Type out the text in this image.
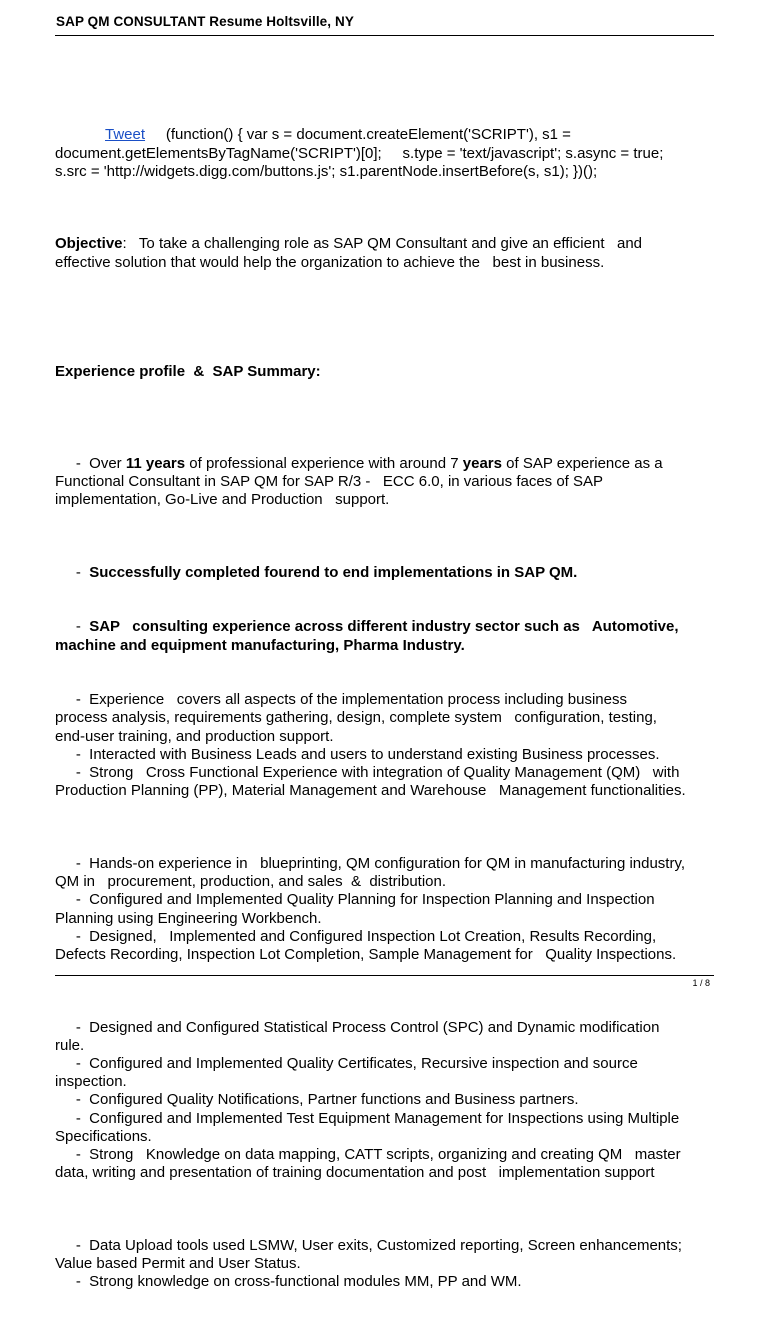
SAP QM CONSULTANT Resume Holtsville, NY

Tweet     (function() { var s = document.createElement('SCRIPT'), s1 =
document.getElementsByTagName('SCRIPT')[0];     s.type = 'text/javascript'; s.async = true;
s.src = 'http://widgets.digg.com/buttons.js'; s1.parentNode.insertBefore(s, s1); })();

Objective:   To take a challenging role as SAP QM Consultant and give an efficient   and
effective solution that would help the organization to achieve the   best in business.

Experience profile  &  SAP Summary:

-  Over 11 years of professional experience with around 7 years of SAP experience as a
Functional Consultant in SAP QM for SAP R/3 -   ECC 6.0, in various faces of SAP
implementation, Go-Live and Production   support.

-  Successfully completed fourend to end implementations in SAP QM.

-  SAP   consulting experience across different industry sector such as   Automotive,
machine and equipment manufacturing, Pharma Industry.

-  Experience   covers all aspects of the implementation process including business
process analysis, requirements gathering, design, complete system   configuration, testing,
end-user training, and production support.
-  Interacted with Business Leads and users to understand existing Business processes.
-  Strong   Cross Functional Experience with integration of Quality Management (QM)   with
Production Planning (PP), Material Management and Warehouse   Management functionalities.

-  Hands-on experience in   blueprinting, QM configuration for QM in manufacturing industry,
QM in   procurement, production, and sales  &  distribution.
-  Configured and Implemented Quality Planning for Inspection Planning and Inspection
Planning using Engineering Workbench.
-  Designed,   Implemented and Configured Inspection Lot Creation, Results Recording,
Defects Recording, Inspection Lot Completion, Sample Management for   Quality Inspections.

-  Designed and Configured Statistical Process Control (SPC) and Dynamic modification
rule.
-  Configured and Implemented Quality Certificates, Recursive inspection and source
inspection.
-  Configured Quality Notifications, Partner functions and Business partners.
-  Configured and Implemented Test Equipment Management for Inspections using Multiple
Specifications.
-  Strong   Knowledge on data mapping, CATT scripts, organizing and creating QM   master
data, writing and presentation of training documentation and post   implementation support

-  Data Upload tools used LSMW, User exits, Customized reporting, Screen enhancements;
Value based Permit and User Status.
-  Strong knowledge on cross-functional modules MM, PP and WM.

1 / 8
